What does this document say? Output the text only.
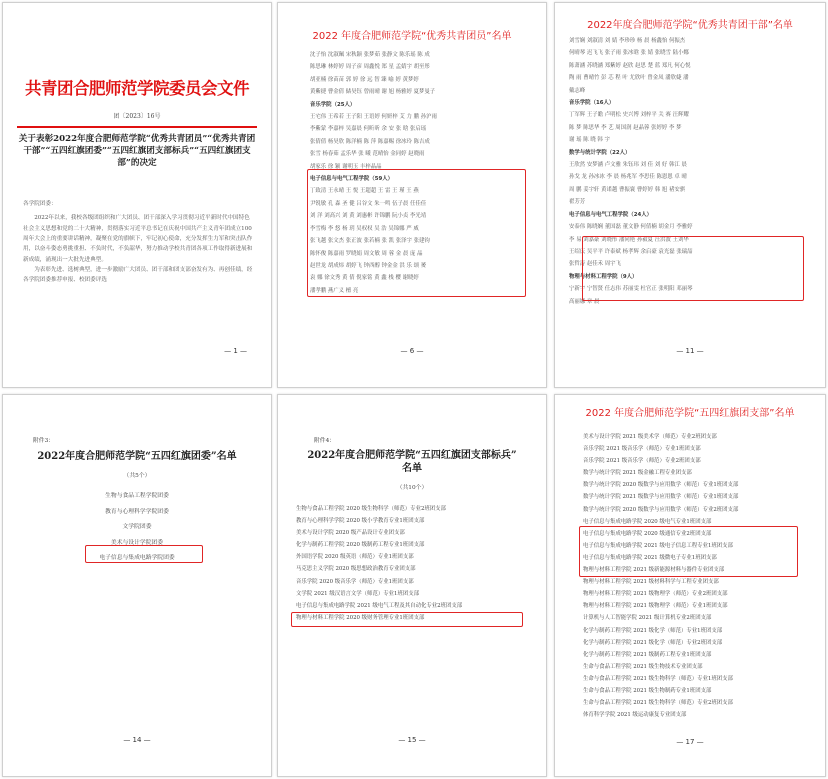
共青团合肥师范学院委员会文件
团〔2023〕16号
关于表彰2022年度合肥师范学院“优秀共青团员”“优秀共青团干部”“五四红旗团委”“五四红旗团支部标兵”“五四红旗团支部”的决定

各学院团委：

2022年以来，我校各级团组织和广大团员、团干部深入学习贯彻习近平新时代中国特色社会主义思想和党的二十大精神，贯彻落实习近平总书记在庆祝中国共产主义青年团成立100周年大会上的重要讲话精神，凝聚在党的旗帜下，牢记初心使命，充分发挥生力军和突击队作用，以奋斗姿态勇挑重担、不负时代，不负韶华，努力推动学校共青团各项工作取得新进展和新成绩，涌现出一大批先进典型。

为表彰先进、选树典型，进一步激励广大团员、团干部和团支部奋发有为、再创佳绩，经各学院团委推荐申报、校团委评选

— 1 —
2022 年度合肥师范学院“优秀共青团员”名单
沈子怡 沈淑珮 宋秋颖 张梦茹 张静文 陈乐瑶 陈 成
陈思琳 林婷婷 周子彦 周鑫悦 郑 星 孟婧宇 胡至彤
胡亚楠 徐苗苗 郭 婷 徐 远 智 臻 喻 婷 黄梦婷
黄紫捷 曹金倩 储昊钰 曾雨晴 谢 旭 杨雅婷 夏梦曼子
音乐学院（25人）
王宅伟 王希若 王子阳 王语婷 何妍梓 艾 力 鹏 孙沪雨
李紫蒙 李嘉梓 吴嘉晨 何昕昕 余 安 张 晗 张启瑶
张倩倩 杨昊欣 陈洋楠 陈 萍 陈嘉赐 徐冰玲 陈吉成
张雪 杨春茹 孟乐华 张 曦 范晴怡 金同婷 赵晓雨
胡家乐 徐 颖 谢明玉 丰梓晶晶
电子信息与电气工程学院（59人）
丁致清 王永晴 王 悦 王超超 王 雷 王 瑾 王 燕
尹锐敏 孔 森 圣 健 吕谷文 朱一鸣 伍子晨 任佳佳
刘 洋 刘高兴 刘 黄 刘惠彬 许锦鹏 阮小贞 李光靖
李雪梅 李 悠 杨 玥 吴权权 吴 浩 吴锦娜 严 威
张飞越 张文杰 张正波 张若楠 张 凯 张泽宇 张建钧
陈怀俊 陈嘉雨 罗晓娟 周文敏 周 蓉 金 晨 庞 晶
赵世龙 胡成炜 胡婷飞 钟西醇 钟金金 洪 乐 颂 赟
袁 娜 徐文秀 黄 倩 倪家铭 黄 鑫 栈 樱 谢晓婷
潘孝鹏 燕广义 檀 亮
— 6 —
2022年度合肥师范学院“优秀共青团干部”名单
刘雪娴 刘淑清 刘 婧 李珍珍 杨 晨 杨鑫怡 何振杰
何晴琴 迟飞飞 张子雨 张冰晗 张 婧 张晓雪 陆小娜
陈萧涵 苏晓涵 郑紫婷 赵欣 赵思 楚 蓝 郑凡 何心悦
陶 雨 曹晴竹 彭 芯 程 叶 尤欣叶 曾金凤 潘欣婕 潘
戴志峰
音乐学院（16人）
丁军辉 王子瞻 卢明松 史兴博 刘梓平 关 赛 汪辉耀
陈 梦 陈思华 李 艺 周国润 赵晶蓉 张婷婷 李 梦
谢 瑶 陈 晓 韩 宇
数学与统计学院（22人）
王欣然 安梦涵 卢文雅 朱钰玮 刘 佳 刘 好 韩江 晨
孙戈 龙 孙冰冰 李 晨 杨兆军 李思佳 陈恩恩 卓 晴
周 鹏 姜宇轩 黄诺越 曹振寰 曹婷婷 韩 旭 褚安骐
翟芳芳
电子信息与电气工程学院（24人）
安泰伟 陈晓娴 董国磊 董文静 何倩楠 胡金月 李雅婷
李 易 刘嘉豪 刘晓彤 潘同艳 孙毅夏 汪洪波 王刘华
王绍庆 吴平平 许泰斌 杨孝辉 余启豪 袁光磊 张瑞喆
张哲涛 赵佳禾 周宇飞
物理与材料工程学院（9人）
宁新宇 宁智贤 任志伟 苏丽雯 杜官正 张明阳 邓丽琴
高丽娜 章 晨
— 11 —
附件3：
2022年度合肥师范学院“五四红旗团委”名单
（共5个）
生物与食品工程学院团委
教育与心理科学学院团委
文学院团委
美术与设计学院团委
电子信息与集成电路学院团委
— 14 —
附件4：
2022年度合肥师范学院“五四红旗团支部标兵”
名单
（共10个）
生物与食品工程学院 2020 级生物科学（师范）专业2班团支部
教育与心理科学学院 2020 级小学教育专业1班团支部
美术与设计学院 2020 级产品设计专业团支部
化学与制药工程学院 2020 级制药工程专业1班团支部
外国语学院 2020 级英语（师范）专业1班团支部
马克思主义学院 2020 级思想政治教育专业团支部
音乐学院 2020 级音乐学（师范）专业1班团支部
文学院 2021 级汉语言文学（师范）专业1班团支部
电子信息与集成电路学院 2021 级电气工程及其自动化专业2班团支部
物理与材料工程学院 2020 级财务管理专业1班团支部
— 15 —
2022 年度合肥师范学院“五四红旗团支部”名单
美术与设计学院 2021 级美术学（师范）专业2班团支部
音乐学院 2021 级音乐学（师范）专业1班团支部
音乐学院 2021 级音乐学（师范）专业2班团支部
数学与统计学院 2021 级金融工程专业团支部
数学与统计学院 2020 级数学与应用数学（师范）专业1班团支部
数学与统计学院 2021 级数学与应用数学（师范）专业1班团支部
数学与统计学院 2020 级数学与应用数学（师范）专业2班团支部
电子信息与集成电路学院 2020 级电气专业1班团支部
电子信息与集成电路学院 2020 级通信专业2班团支部
电子信息与集成电路学院 2021 级电子信息工程专业1班团支部
电子信息与集成电路学院 2021 级微电子专业1班团支部
物理与材料工程学院 2021 级新能源材料与器件专业团支部
物理与材料工程学院 2021 级材料科学与工程专业团支部
物理与材料工程学院 2021 级物理学（师范）专业2班团支部
物理与材料工程学院 2021 级物理学（师范）专业1班团支部
计算机与人工智能学院 2021 级计算机专业2班团支部
化学与制药工程学院 2021 级化学（师范）专业1班团支部
化学与制药工程学院 2021 级化学（师范）专业2班团支部
化学与制药工程学院 2021 级制药工程专业1班团支部
生命与食品工程学院 2021 级生物技术专业团支部
生命与食品工程学院 2021 级生物科学（师范）专业1班团支部
生命与食品工程学院 2021 级生物制药专业1班团支部
生命与食品工程学院 2021 级生物科学（师范）专业2班团支部
体育科学学院 2021 级运动康复专业团支部
— 17 —
